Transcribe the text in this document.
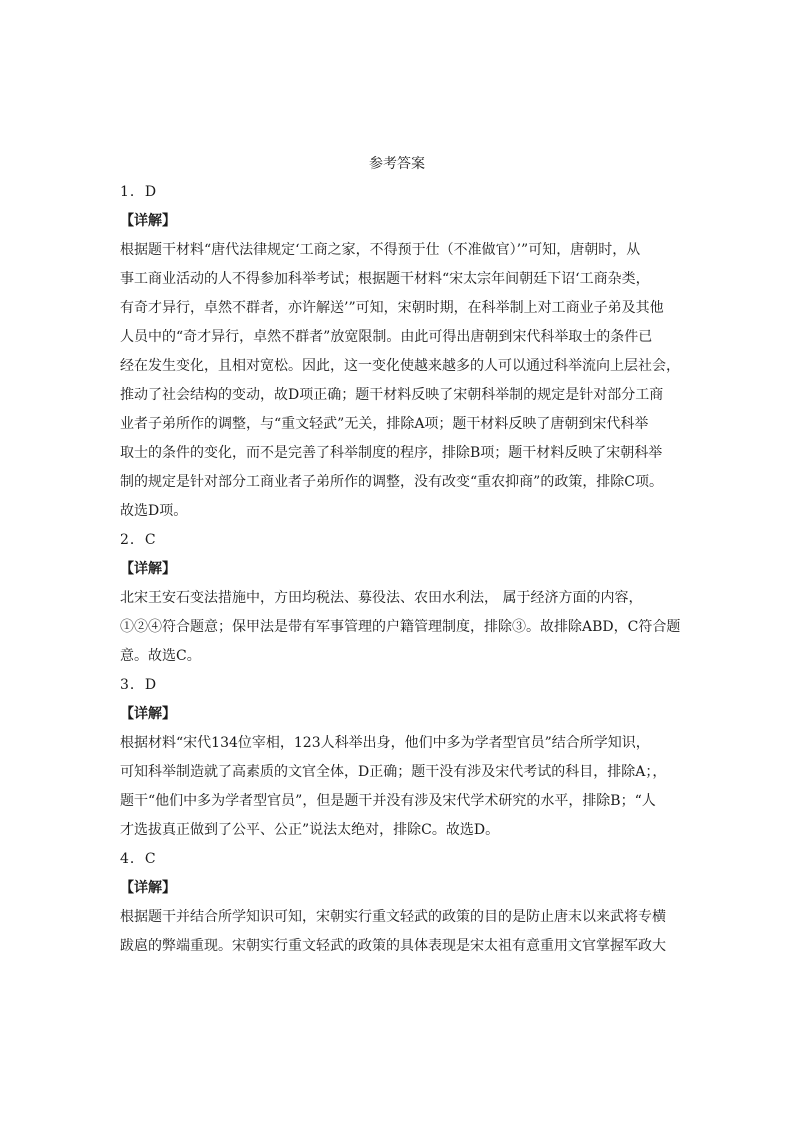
参考答案
1．D
【详解】
根据题干材料“唐代法律规定‘工商之家，不得预于仕（不准做官）’”可知，唐朝时，从
事工商业活动的人不得参加科举考试；根据题干材料“宋太宗年间朝廷下诏‘工商杂类，
有奇才异行，卓然不群者，亦许解送’”可知，宋朝时期，在科举制上对工商业子弟及其他
人员中的“奇才异行，卓然不群者”放宽限制。由此可得出唐朝到宋代科举取士的条件已
经在发生变化，且相对宽松。因此，这一变化使越来越多的人可以通过科举流向上层社会，
推动了社会结构的变动，故D项正确；题干材料反映了宋朝科举制的规定是针对部分工商
业者子弟所作的调整，与“重文轻武”无关，排除A项；题干材料反映了唐朝到宋代科举
取士的条件的变化，而不是完善了科举制度的程序，排除B项；题干材料反映了宋朝科举
制的规定是针对部分工商业者子弟所作的调整，没有改变“重农抑商”的政策，排除C项。
故选D项。
2．C
【详解】
北宋王安石变法措施中，方田均税法、募役法、农田水利法， 属于经济方面的内容，
①②④符合题意；保甲法是带有军事管理的户籍管理制度，排除③。故排除ABD，C符合题
意。故选C。
3．D
【详解】
根据材料“宋代134位宰相，123人科举出身，他们中多为学者型官员”结合所学知识，
可知科举制造就了高素质的文官全体，D正确；题干没有涉及宋代考试的科目，排除A；，
题干“他们中多为学者型官员”，但是题干并没有涉及宋代学术研究的水平，排除B；“人
才选拔真正做到了公平、公正”说法太绝对，排除C。故选D。
4．C
【详解】
根据题干并结合所学知识可知，宋朝实行重文轻武的政策的目的是防止唐末以来武将专横
跋扈的弊端重现。宋朝实行重文轻武的政策的具体表现是宋太祖有意重用文官掌握军政大
